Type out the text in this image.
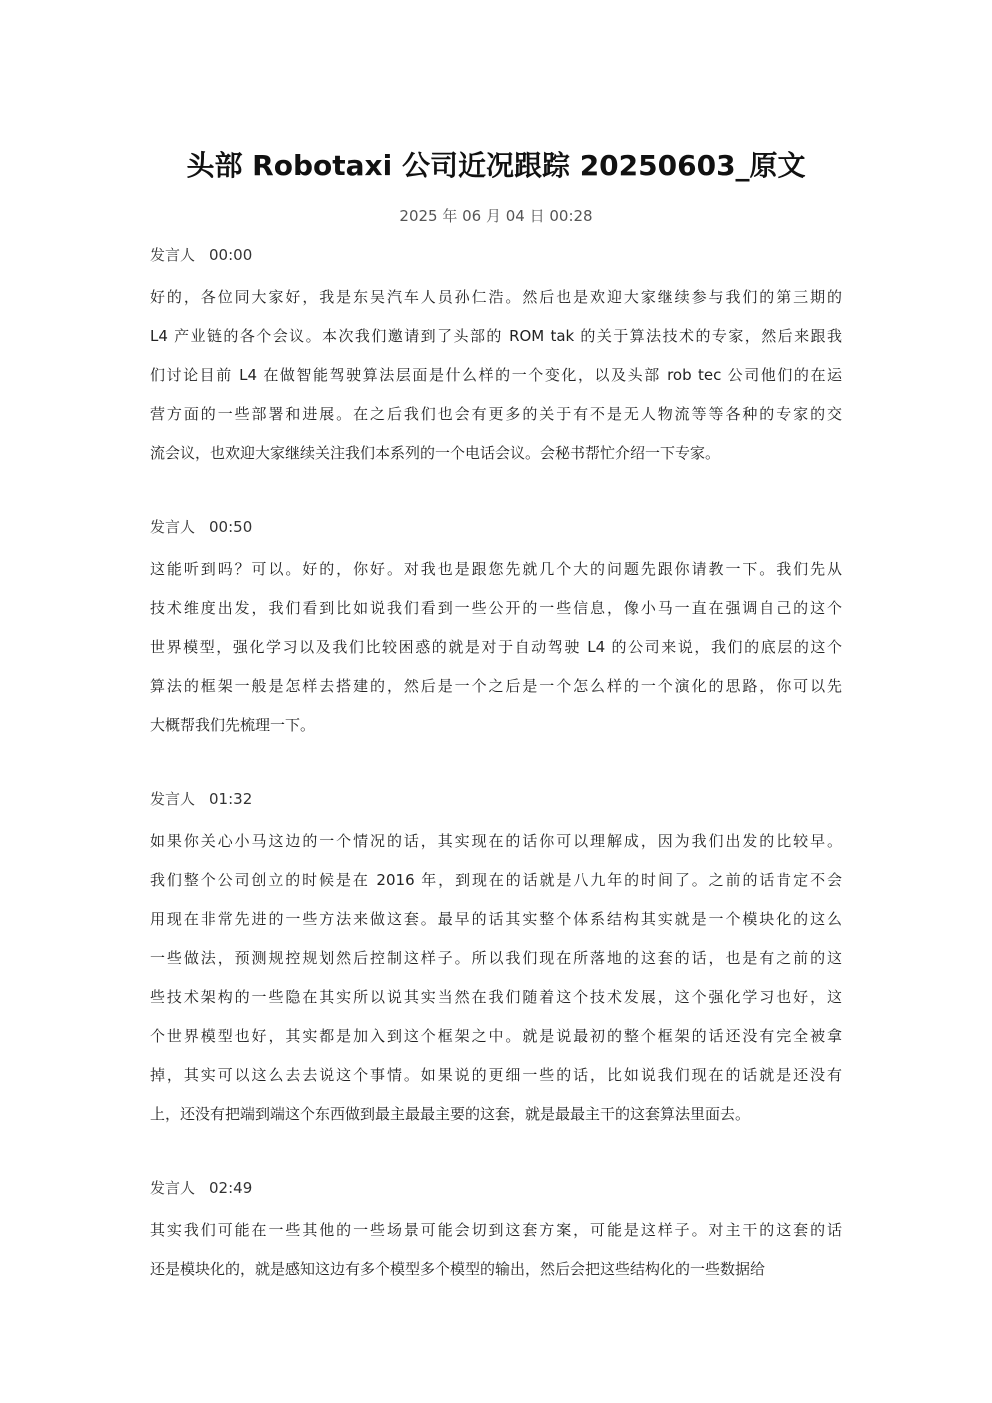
头部 Robotaxi 公司近况跟踪 20250603_原文
2025 年 06 月 04 日 00:28
发言人 00:00
好的，各位同大家好，我是东吴汽车人员孙仁浩。然后也是欢迎大家继续参与我们的第三期的
L4 产业链的各个会议。本次我们邀请到了头部的 ROM tak 的关于算法技术的专家，然后来跟我
们讨论目前 L4 在做智能驾驶算法层面是什么样的一个变化，以及头部 rob tec 公司他们的在运
营方面的一些部署和进展。在之后我们也会有更多的关于有不是无人物流等等各种的专家的交
流会议，也欢迎大家继续关注我们本系列的一个电话会议。会秘书帮忙介绍一下专家。
发言人 00:50
这能听到吗？可以。好的，你好。对我也是跟您先就几个大的问题先跟你请教一下。我们先从
技术维度出发，我们看到比如说我们看到一些公开的一些信息，像小马一直在强调自己的这个
世界模型，强化学习以及我们比较困惑的就是对于自动驾驶 L4 的公司来说，我们的底层的这个
算法的框架一般是怎样去搭建的，然后是一个之后是一个怎么样的一个演化的思路，你可以先
大概帮我们先梳理一下。
发言人 01:32
如果你关心小马这边的一个情况的话，其实现在的话你可以理解成，因为我们出发的比较早。
我们整个公司创立的时候是在 2016 年，到现在的话就是八九年的时间了。之前的话肯定不会
用现在非常先进的一些方法来做这套。最早的话其实整个体系结构其实就是一个模块化的这么
一些做法，预测规控规划然后控制这样子。所以我们现在所落地的这套的话，也是有之前的这
些技术架构的一些隐在其实所以说其实当然在我们随着这个技术发展，这个强化学习也好，这
个世界模型也好，其实都是加入到这个框架之中。就是说最初的整个框架的话还没有完全被拿
掉，其实可以这么去去说这个事情。如果说的更细一些的话，比如说我们现在的话就是还没有
上，还没有把端到端这个东西做到最主最最主要的这套，就是最最主干的这套算法里面去。
发言人 02:49
其实我们可能在一些其他的一些场景可能会切到这套方案，可能是这样子。对主干的这套的话
还是模块化的，就是感知这边有多个模型多个模型的输出，然后会把这些结构化的一些数据给
